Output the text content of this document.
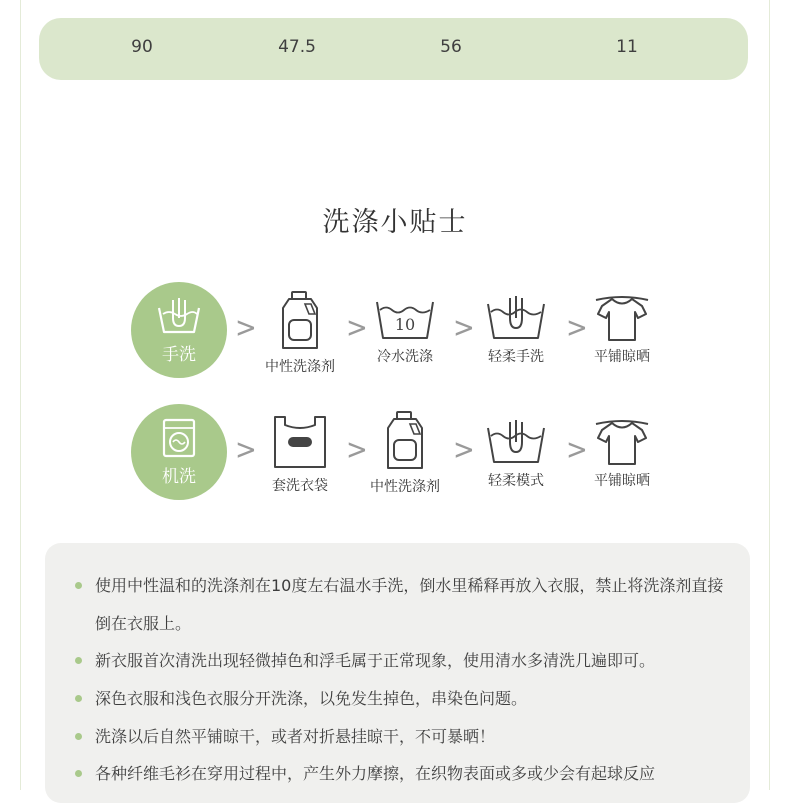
90	47.5	56	11
洗涤小贴士
手洗
>
中性洗涤剂
> 10
冷水洗涤
>
轻柔手洗
>
平铺晾晒
机洗
>
套洗衣袋
>
中性洗涤剂
>
轻柔模式
>
平铺晾晒
使用中性温和的洗涤剂在10度左右温水手洗，倒水里稀释再放入衣服，禁止将洗涤剂直接倒在衣服上。
新衣服首次清洗出现轻微掉色和浮毛属于正常现象，使用清水多清洗几遍即可。
深色衣服和浅色衣服分开洗涤，以免发生掉色，串染色问题。
洗涤以后自然平铺晾干，或者对折悬挂晾干，不可暴晒！
各种纤维毛衫在穿用过程中，产生外力摩擦，在织物表面或多或少会有起球反应
